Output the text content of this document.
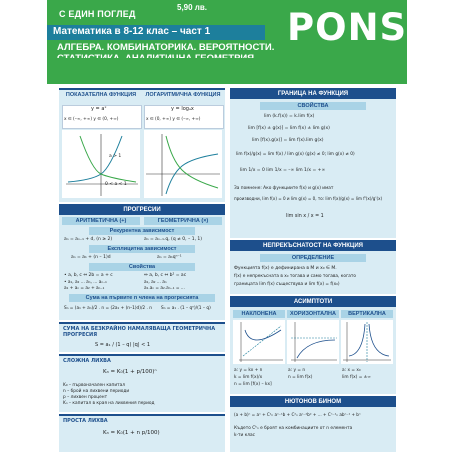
С ЕДИН ПОГЛЕД
5,90 лв. PONS
Математика в 8-12 клас – част 1
АЛГЕБРА. КОМБИНАТОРИКА. ВЕРОЯТНОСТИ.
ПОКАЗАТЕЛНА ФУНКЦИЯ	ЛОГАРИТМИЧНА ФУНКЦИЯ
y = aˣ	y = logₐx
x ∈ (–∞, +∞) y ∈ (0, +∞)	x ∈ (0, +∞) y ∈ (–∞, +∞)
a > 1
0 < a < 1
ПРОГРЕСИИ
АРИТМЕТИЧНА (+)	ГЕОМЕТРИЧНА (×)
Рекурентна зависимост
aₙ = aₙ₋₁ + d, (n ≥ 2)	aₙ = aₙ₋₁.q, (q ≠ 0, – 1, 1)
Експлицитна зависимост
aₙ = a₁ + (n – 1)d	aₙ = a₁qⁿ⁻¹
Свойства
• a, b, c ⇔ 2b = a + c	⇔ a, b, c ⇔ b² = ac
• a₁, a₂ ... aₙ, ... aₙ₋ₖ	a₁, a₂ ... aₙ
a₁ + aₙ = a₂ + aₙ₋₁	a₁.aₙ = a₂.aₙ₋₁ = ...
Сума на първите n члена на прогресията
Sₙ = (a₁ + aₙ)/2 . n = (2a₁ + (n–1)d)/2 . n Sₙ = a₁ . (1 – qⁿ)/(1 – q)
СУМА НА БЕЗКРАЙНО НАМАЛЯВАЩА ГЕОМЕТРИЧНА ПРОГРЕСИЯ
S = a₁ / (1 – q) |q| < 1
СЛОЖНА ЛИХВА
Kₙ = K₀(1 + p/100)ⁿ
K₀ – първоначален капитал
n – брой на лихвени периоди
p – лихвен процент
Kₙ – капитал в края на лихвения период
ПРОСТА ЛИХВА
Kₙ = K₀(1 + n p/100)
ГРАНИЦА НА ФУНКЦИЯ
СВОЙСТВА
lim (k.f(x)) = k.lim f(x)
lim [f(x) ± g(x)] = lim f(x) ± lim g(x)
lim [f(x).g(x)] = lim f(x).lim g(x)
lim f(x)/g(x) = lim f(x) / lim g(x) (g(x) ≠ 0; lim g(x) ≠ 0)
lim 1/x = 0 lim 1/x = –∞ lim 1/x = +∞
За помнене: Ако функциите f(x) и g(x) имат
производни, lim f(x) = 0 и lim g(x) = 0, то: lim f(x)/g(x) = lim f'(x)/g'(x)
lim sin x / x = 1
НЕПРЕКЪСНАТОСТ НА ФУНКЦИЯ
ОПРЕДЕЛЕНИЕ
Функцията f(x) е дефинирана в M и x₀ ∈ M.
f(x) е непрекъсната в x₀ тогава и само тогава, когато
границата lim f(x) съществува и lim f(x) = f(x₀)
АСИМПТОТИ
НАКЛОНЕНА	ХОРИЗОНТАЛНА	ВЕРТИКАЛНА
a: y = kx + n
k = lim f(x)/x
n = lim [f(x) – kx]
a: y = n
n = lim f(x)
a: x = x₀
lim f(x) = ±∞
НЮТОНОВ БИНОМ
(a + b)ⁿ = aⁿ + C¹ₙ aⁿ⁻¹b + C²ₙ aⁿ⁻²b² + ... + Cⁿ⁻¹ₙ abⁿ⁻¹ + bⁿ
Където Cᵏₙ е броят на комбинациите от n елемента
k-ти клас
